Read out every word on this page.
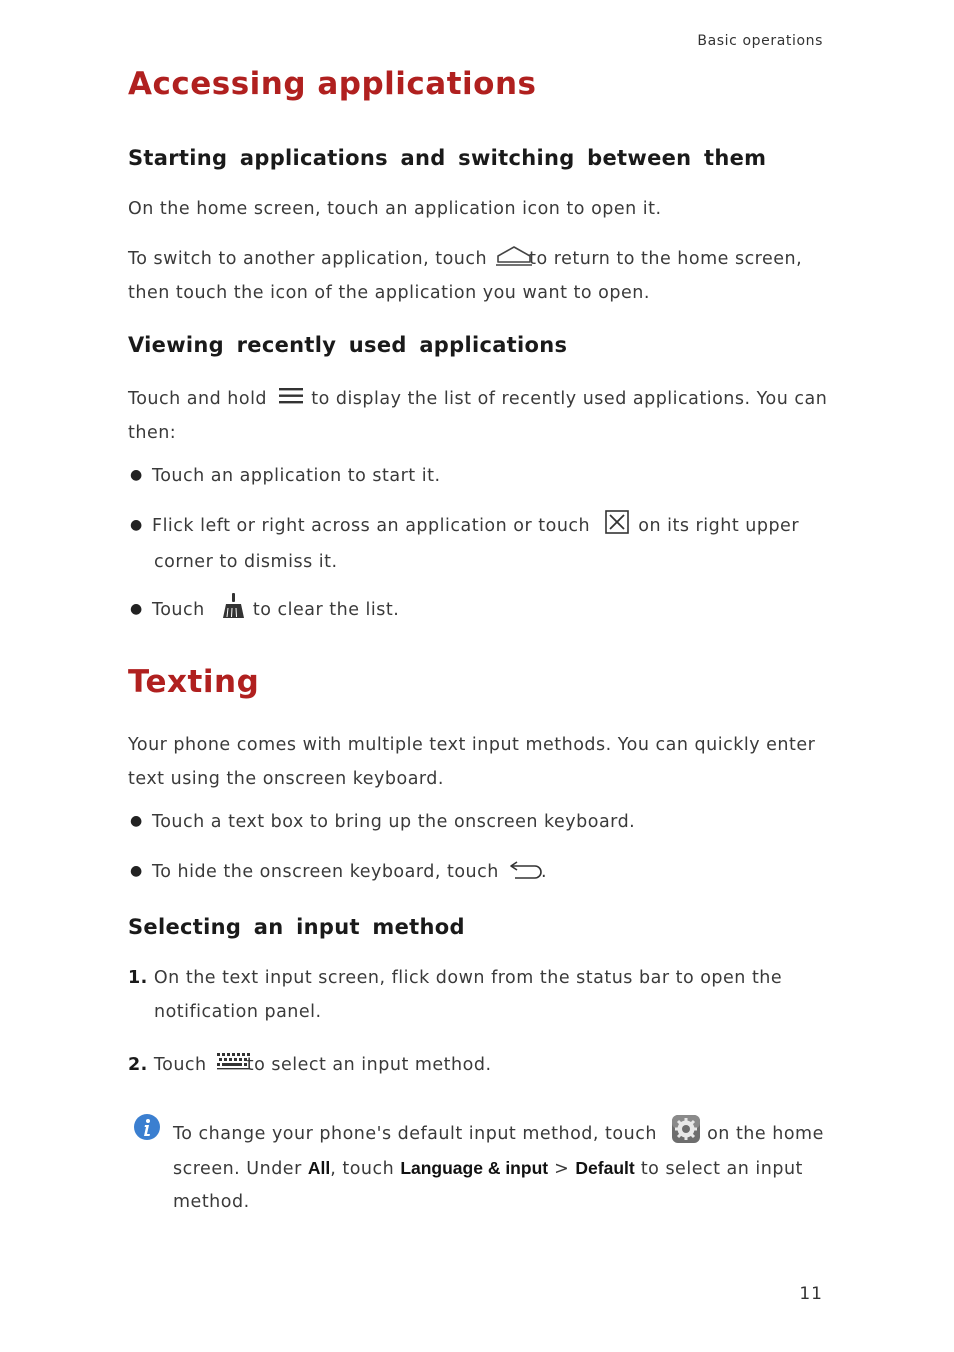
Basic operations
Accessing applications
Starting applications and switching between them
On the home screen, touch an application icon to open it.
To switch to another application, touch to return to the home screen,
then touch the icon of the application you want to open.
Viewing recently used applications
Touch and hold	to display the list of recently used applications. You can
then:
● Touch an application to start it.
● Flick left or right across an application or touch	on its right upper
corner to dismiss it.
● Touch	to clear the list.
Texting
Your phone comes with multiple text input methods. You can quickly enter
text using the onscreen keyboard.
● Touch a text box to bring up the onscreen keyboard.
● To hide the onscreen keyboard, touch .
Selecting an input method
1. On the text input screen, flick down from the status bar to open the
notification panel.
2. Touch to select an input method.
To change your phone's default input method, touch	on the home
screen. Under All, touch Language & input > Default to select an input
method.
11
